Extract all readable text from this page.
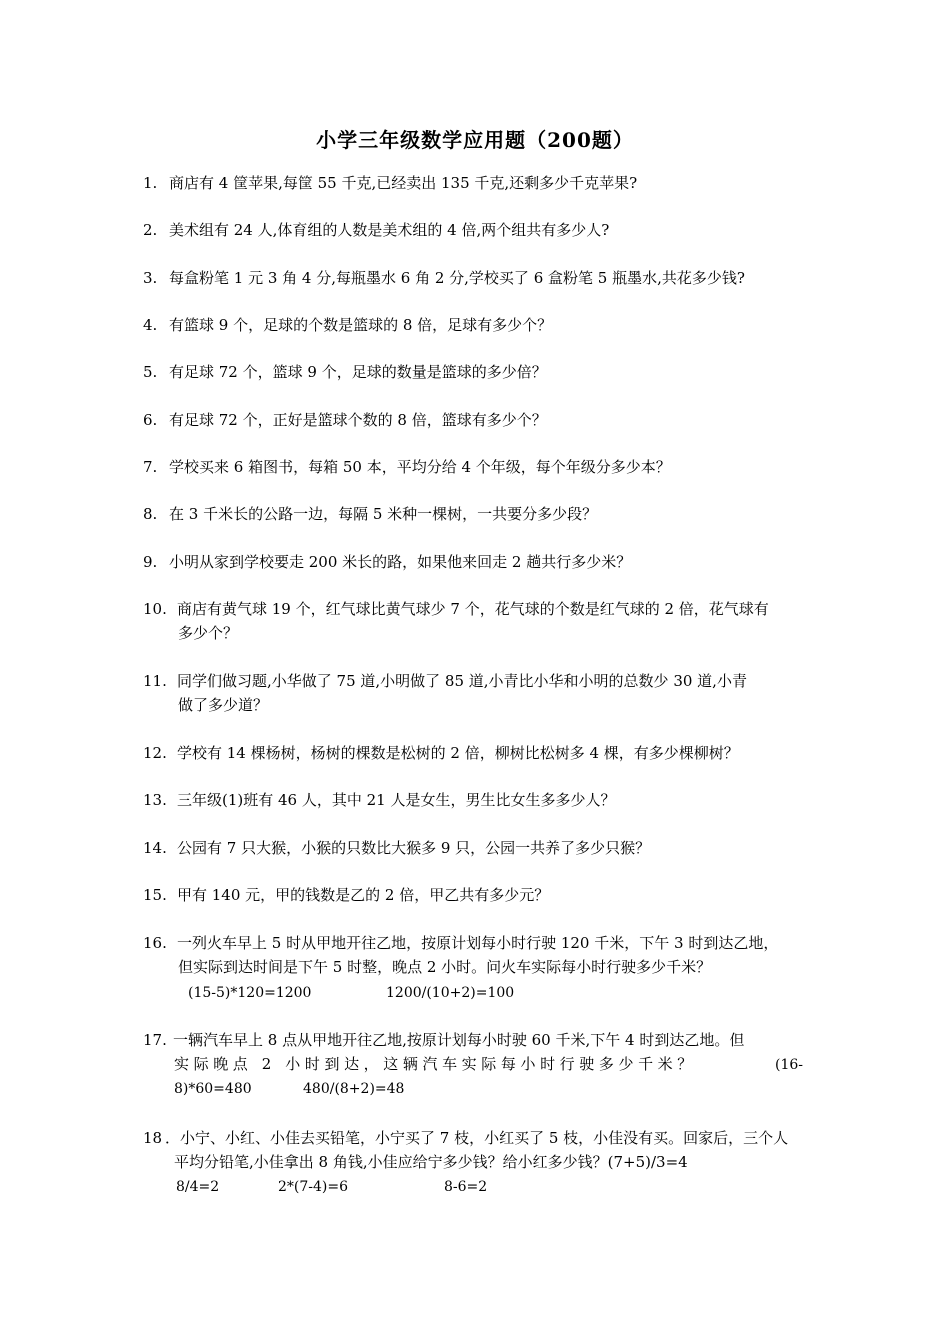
小学三年级数学应用题（200题）
1. 商店有 4 筐苹果,每筐 55 千克,已经卖出 135 千克,还剩多少千克苹果?
2. 美术组有 24 人,体育组的人数是美术组的 4 倍,两个组共有多少人?
3. 每盒粉笔 1 元 3 角 4 分,每瓶墨水 6 角 2 分,学校买了 6 盒粉笔 5 瓶墨水,共花多少钱?
4. 有篮球 9 个，足球的个数是篮球的 8 倍，足球有多少个？
5. 有足球 72 个，篮球 9 个，足球的数量是篮球的多少倍？
6. 有足球 72 个，正好是篮球个数的 8 倍，篮球有多少个？
7. 学校买来 6 箱图书，每箱 50 本，平均分给 4 个年级，每个年级分多少本？
8. 在 3 千米长的公路一边，每隔 5 米种一棵树，一共要分多少段？
9. 小明从家到学校要走 200 米长的路，如果他来回走 2 趟共行多少米？
10. 商店有黄气球 19 个，红气球比黄气球少 7 个，花气球的个数是红气球的 2 倍，花气球有
多少个？
11. 同学们做习题,小华做了 75 道,小明做了 85 道,小青比小华和小明的总数少 30 道,小青
做了多少道？
12. 学校有 14 棵杨树，杨树的棵数是松树的 2 倍，柳树比松树多 4 棵，有多少棵柳树？
13. 三年级(1)班有 46 人，其中 21 人是女生，男生比女生多多少人？
14. 公园有 7 只大猴，小猴的只数比大猴多 9 只，公园一共养了多少只猴？
15. 甲有 140 元，甲的钱数是乙的 2 倍，甲乙共有多少元？
16. 一列火车早上 5 时从甲地开往乙地，按原计划每小时行驶 120 千米，下午 3 时到达乙地，
但实际到达时间是下午 5 时整，晚点 2 小时。问火车实际每小时行驶多少千米？
(15-5)*120=1200	1200/(10+2)=100
17. 一辆汽车早上 8 点从甲地开往乙地,按原计划每小时驶 60 千米,下午 4 时到达乙地。但
实际晚点 2 小时到达，这辆汽车实际每小时行驶多少千米？	(16-
8)*60=480	480/(8+2)=48
18 ．小宁、小红、小佳去买铅笔，小宁买了 7 枝，小红买了 5 枝，小佳没有买。回家后，三个人
平均分铅笔,小佳拿出 8 角钱,小佳应给宁多少钱？给小红多少钱？(7+5)/3=4
8/4=2	2*(7-4)=6	8-6=2
